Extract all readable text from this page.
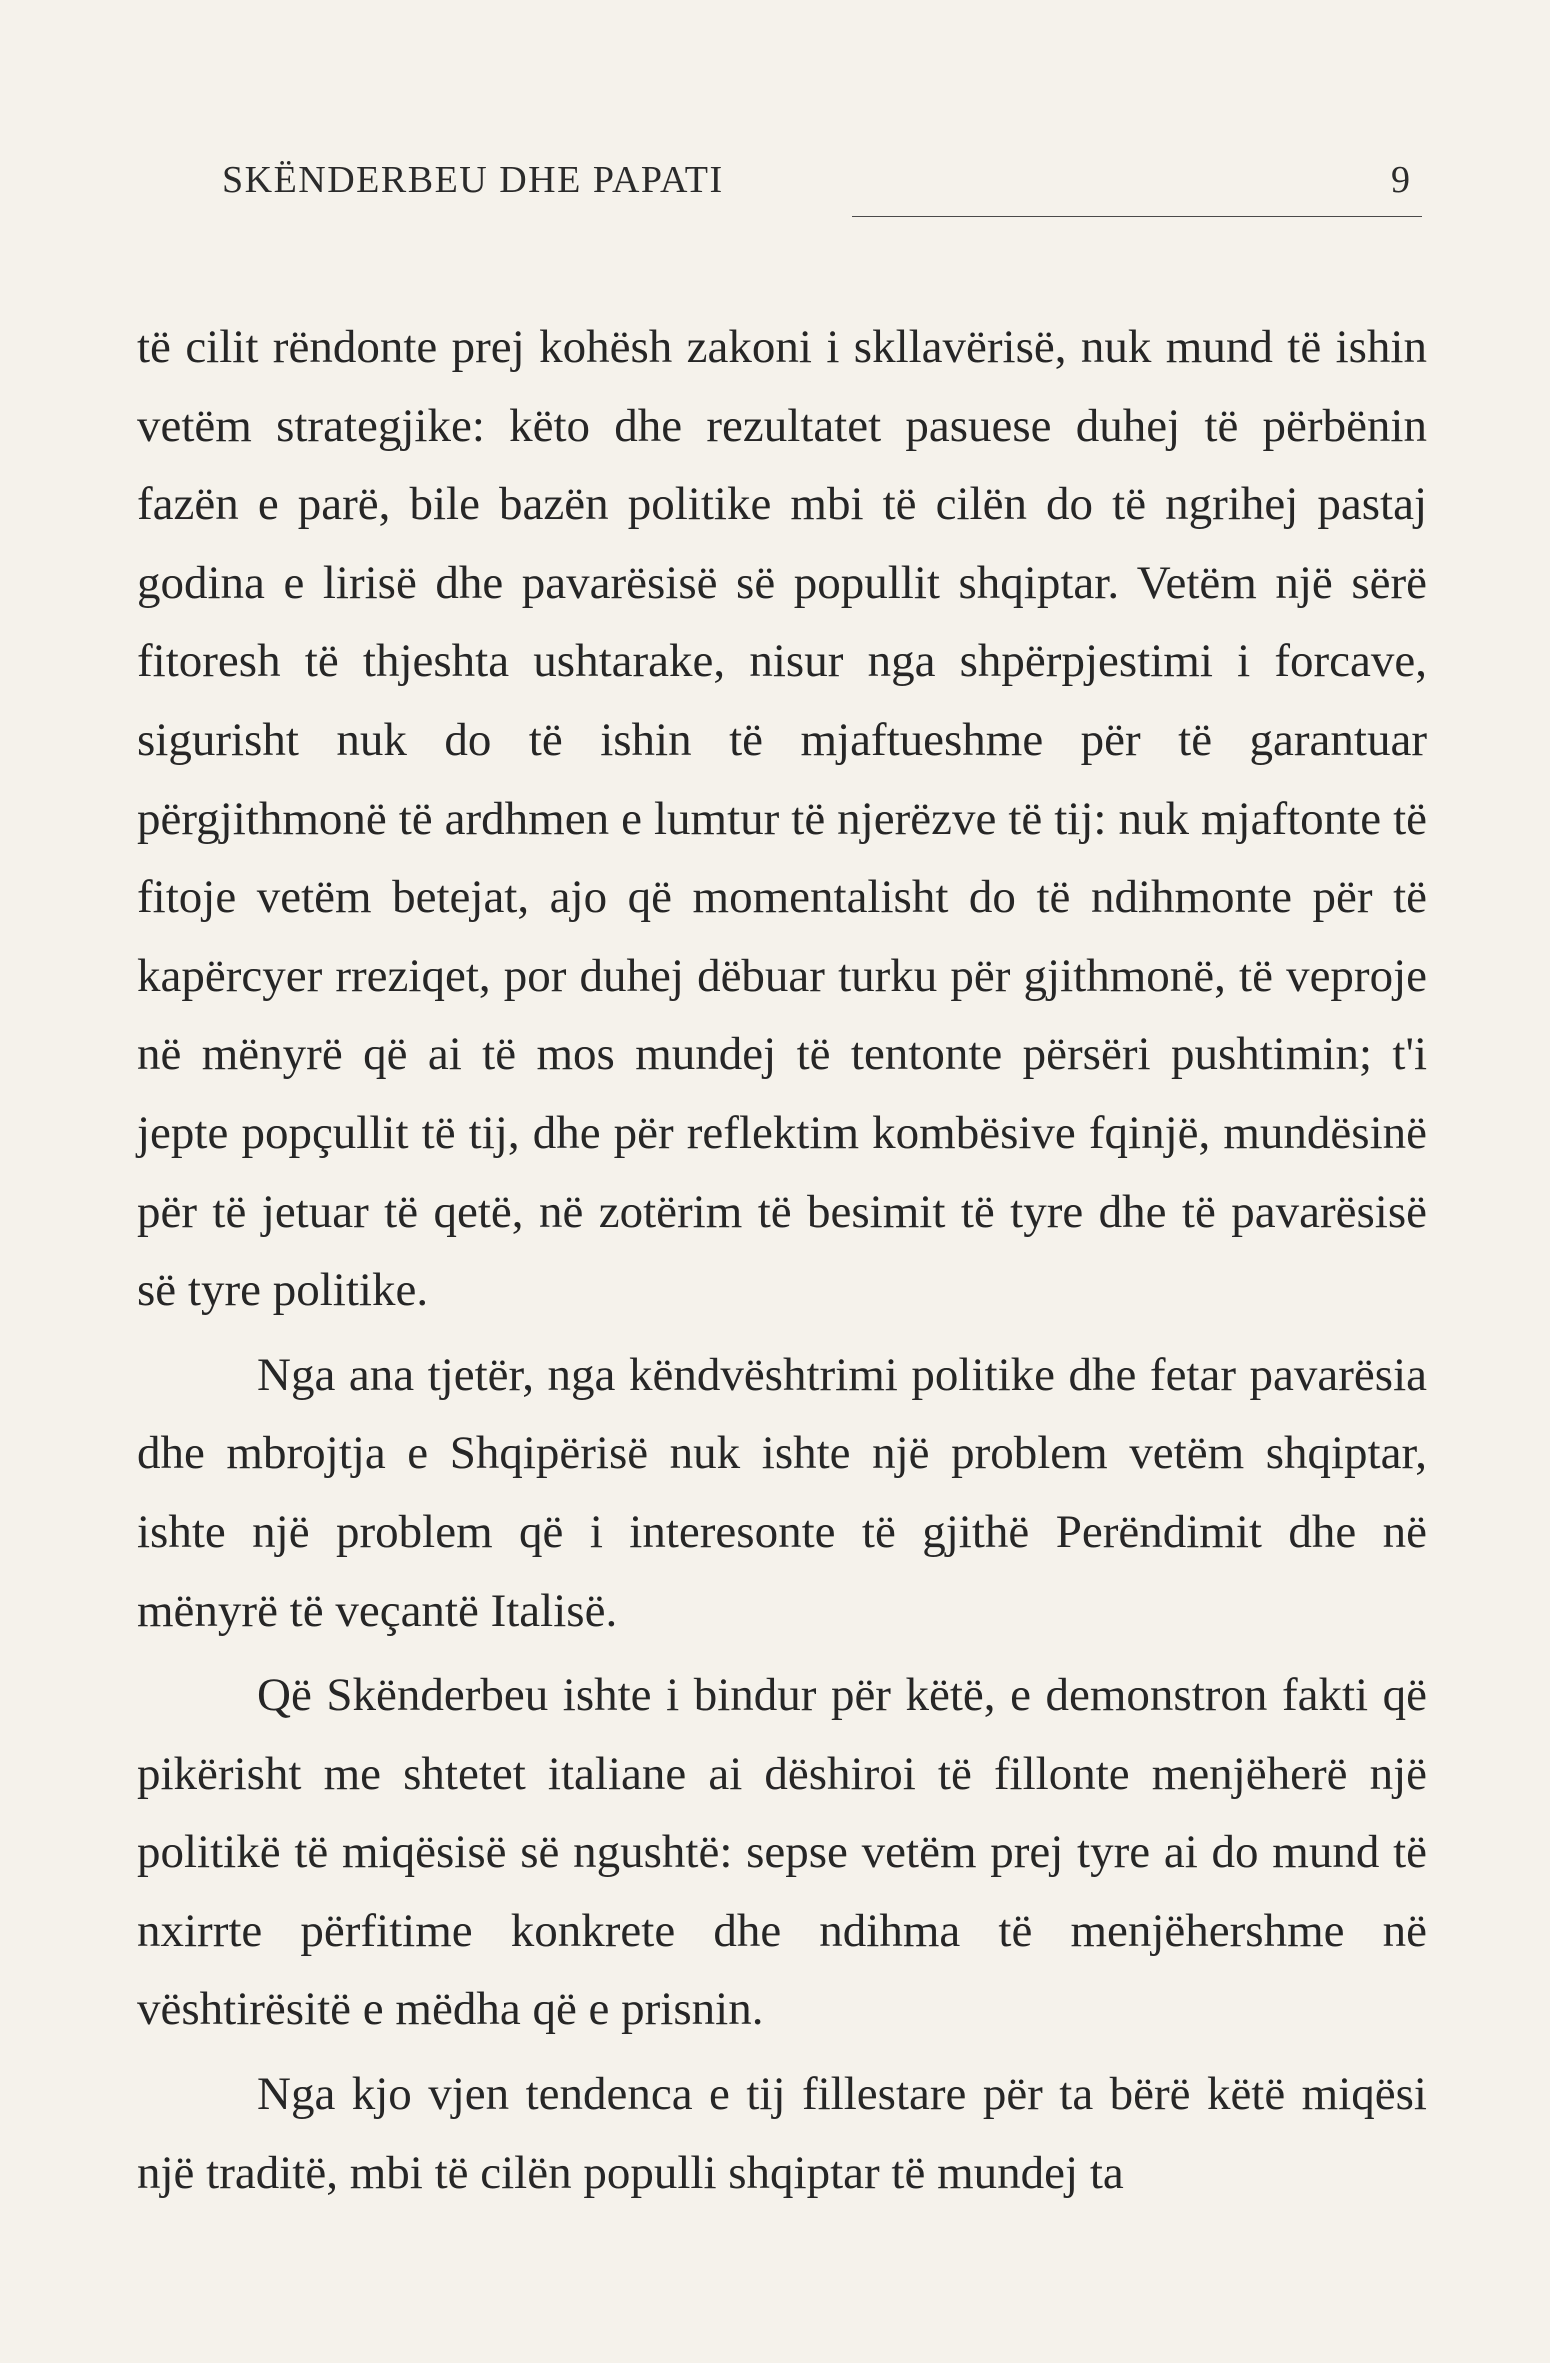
SKËNDERBEU DHE PAPATI	9

të cilit rëndonte prej kohësh zakoni i skllavërisë, nuk mund të ishin vetëm strategjike: këto dhe rezultatet pasuese duhej të përbënin fazën e parë, bile bazën politike mbi të cilën do të ngrihej pastaj godina e lirisë dhe pavarësisë së popullit shqiptar. Vetëm një sërë fitoresh të thjeshta ushtarake, nisur nga shpërpjestimi i forcave, sigurisht nuk do të ishin të mjaftueshme për të garantuar përgjithmonë të ardhmen e lumtur të njerëzve të tij: nuk mjaftonte të fitoje vetëm betejat, ajo që momentalisht do të ndihmonte për të kapërcyer rreziqet, por duhej dëbuar turku për gjithmonë, të veproje në mënyrë që ai të mos mundej të tentonte përsëri pushtimin; t'i jepte popçullit të tij, dhe për reflektim kombësive fqinjë, mundësinë për të jetuar të qetë, në zotërim të besimit të tyre dhe të pavarësisë së tyre politike.

Nga ana tjetër, nga këndvështrimi politike dhe fetar pavarësia dhe mbrojtja e Shqipërisë nuk ishte një problem vetëm shqiptar, ishte një problem që i interesonte të gjithë Perëndimit dhe në mënyrë të veçantë Italisë.

Që Skënderbeu ishte i bindur për këtë, e demonstron fakti që pikërisht me shtetet italiane ai dëshiroi të fillonte menjëherë një politikë të miqësisë së ngushtë: sepse vetëm prej tyre ai do mund të nxirrte përfitime konkrete dhe ndihma të menjëhershme në vështirësitë e mëdha që e prisnin.

Nga kjo vjen tendenca e tij fillestare për ta bërë këtë miqësi një traditë, mbi të cilën populli shqiptar të mundej ta
